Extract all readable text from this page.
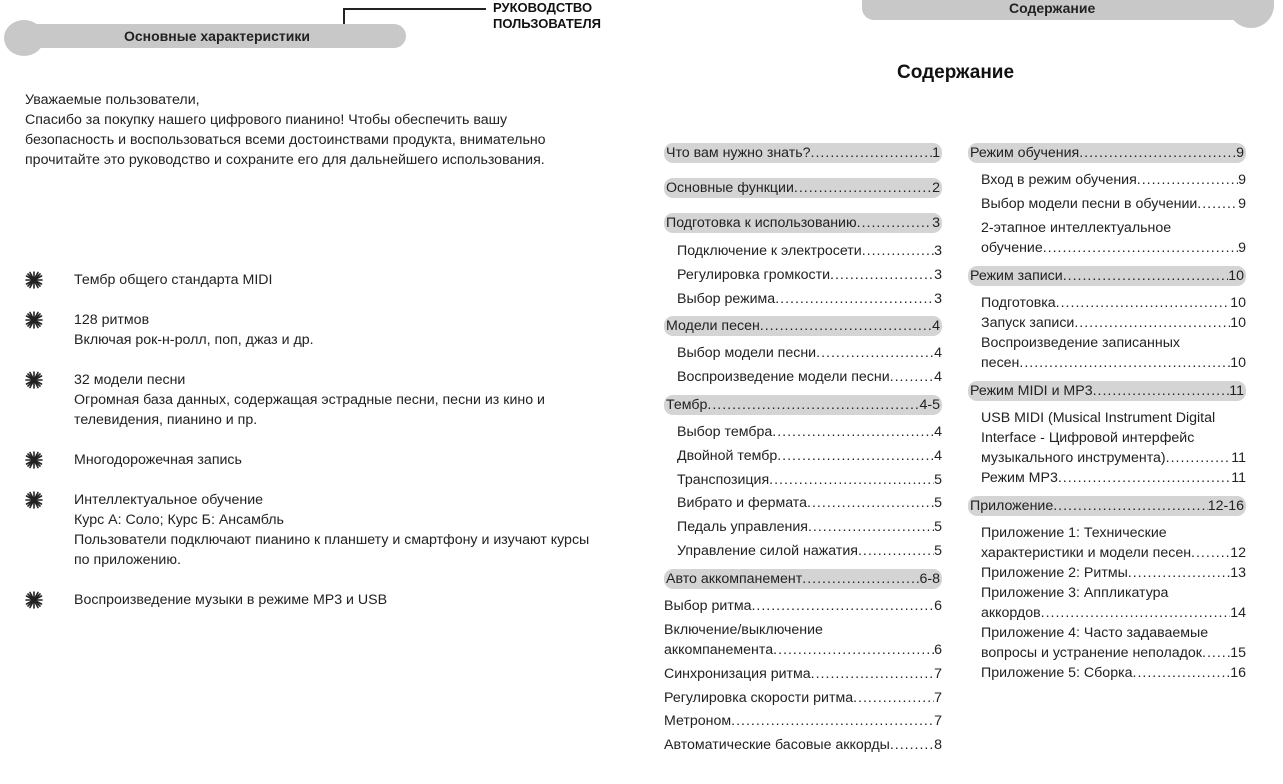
Основные характеристики
РУКОВОДСТВО
ПОЛЬЗОВАТЕЛЯ
Уважаемые пользователи,
Спасибо за покупку нашего цифрового пианино! Чтобы обеспечить вашу
безопасность и воспользоваться всеми достоинствами продукта, внимательно
прочитайте это руководство и сохраните его для дальнейшего использования.
Тембр общего стандарта MIDI
128 ритмов
Включая рок-н-ролл, поп, джаз и др.
32 модели песни
Огромная база данных, содержащая эстрадные песни, песни из кино и
телевидения, пианино и пр.
Многодорожечная запись
Интеллектуальное обучение
Курс А: Соло; Курс Б: Ансамбль
Пользователи подключают пианино к планшету и смартфону и изучают курсы
по приложению.
Воспроизведение музыки в режиме MP3 и USB
Содержание
Содержание
Что вам нужно знать? .....	1
Основные функции .....	2
Подготовка к использованию .....	3
Подключение к электросети .....	3
Регулировка громкости .....	3
Выбор режима .....	3
Модели песен .....	4
Выбор модели песни .....	4
Воспроизведение модели песни .....	4
Тембр .....	4-5
Выбор тембра .....	4
Двойной тембр .....	4
Транспозиция .....	5
Вибрато и фермата .....	5
Педаль управления .....	5
Управление силой нажатия .....	5
Авто аккомпанемент .....	6-8
Выбор ритма .....	6
Включение/выключение
аккомпанемента .....	6
Синхронизация ритма .....	7
Регулировка скорости ритма .....	7
Метроном .....	7
Автоматические басовые аккорды .....	8
Режим обучения .....	9
Вход в режим обучения .....	9
Выбор модели песни в обучении .....	9
2-этапное интеллектуальное
обучение .....	9
Режим записи .....	10
Подготовка .....	10
Запуск записи .....	10
Воспроизведение записанных
песен .....	10
Режим MIDI и MP3 .....	11
USB MIDI (Musical Instrument Digital
Interface - Цифровой интерфейс
музыкального инструмента) .....	11
Режим MP3 .....	11
Приложение .....	12-16
Приложение 1: Технические
характеристики и модели песен .....	12
Приложение 2: Ритмы .....	13
Приложение 3: Аппликатура
аккордов .....	14
Приложение 4: Часто задаваемые
вопросы и устранение неполадок ..... 15
Приложение 5: Сборка .....	16
